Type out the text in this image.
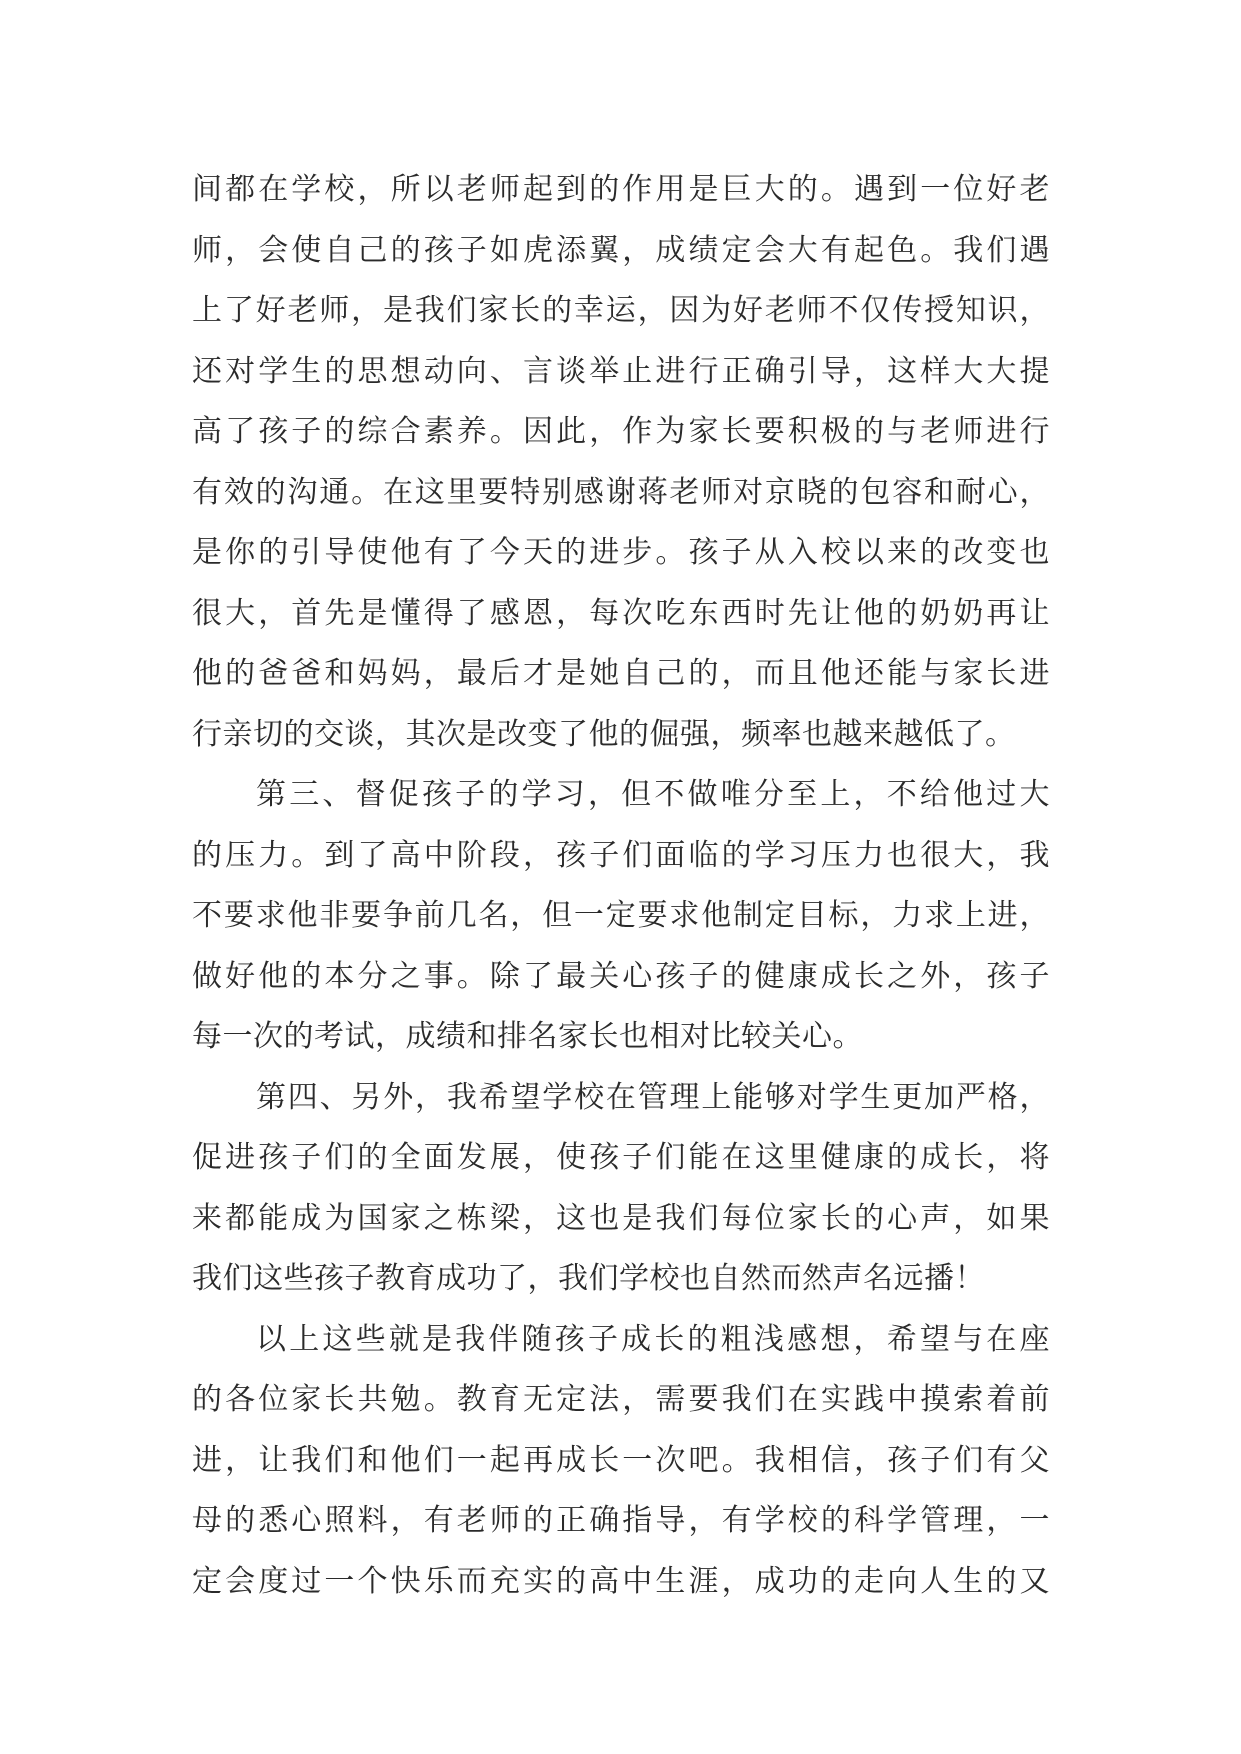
间都在学校，所以老师起到的作用是巨大的。遇到一位好老
师，会使自己的孩子如虎添翼，成绩定会大有起色。我们遇
上了好老师，是我们家长的幸运，因为好老师不仅传授知识，
还对学生的思想动向、言谈举止进行正确引导，这样大大提
高了孩子的综合素养。因此，作为家长要积极的与老师进行
有效的沟通。在这里要特别感谢蒋老师对京晓的包容和耐心，
是你的引导使他有了今天的进步。孩子从入校以来的改变也
很大，首先是懂得了感恩，每次吃东西时先让他的奶奶再让
他的爸爸和妈妈，最后才是她自己的，而且他还能与家长进
行亲切的交谈，其次是改变了他的倔强，频率也越来越低了。
第三、督促孩子的学习，但不做唯分至上，不给他过大
的压力。到了高中阶段，孩子们面临的学习压力也很大，我
不要求他非要争前几名，但一定要求他制定目标，力求上进，
做好他的本分之事。除了最关心孩子的健康成长之外，孩子
每一次的考试，成绩和排名家长也相对比较关心。
第四、另外，我希望学校在管理上能够对学生更加严格，
促进孩子们的全面发展，使孩子们能在这里健康的成长，将
来都能成为国家之栋梁，这也是我们每位家长的心声，如果
我们这些孩子教育成功了，我们学校也自然而然声名远播！
以上这些就是我伴随孩子成长的粗浅感想，希望与在座
的各位家长共勉。教育无定法，需要我们在实践中摸索着前
进，让我们和他们一起再成长一次吧。我相信，孩子们有父
母的悉心照料，有老师的正确指导，有学校的科学管理，一
定会度过一个快乐而充实的高中生涯，成功的走向人生的又
